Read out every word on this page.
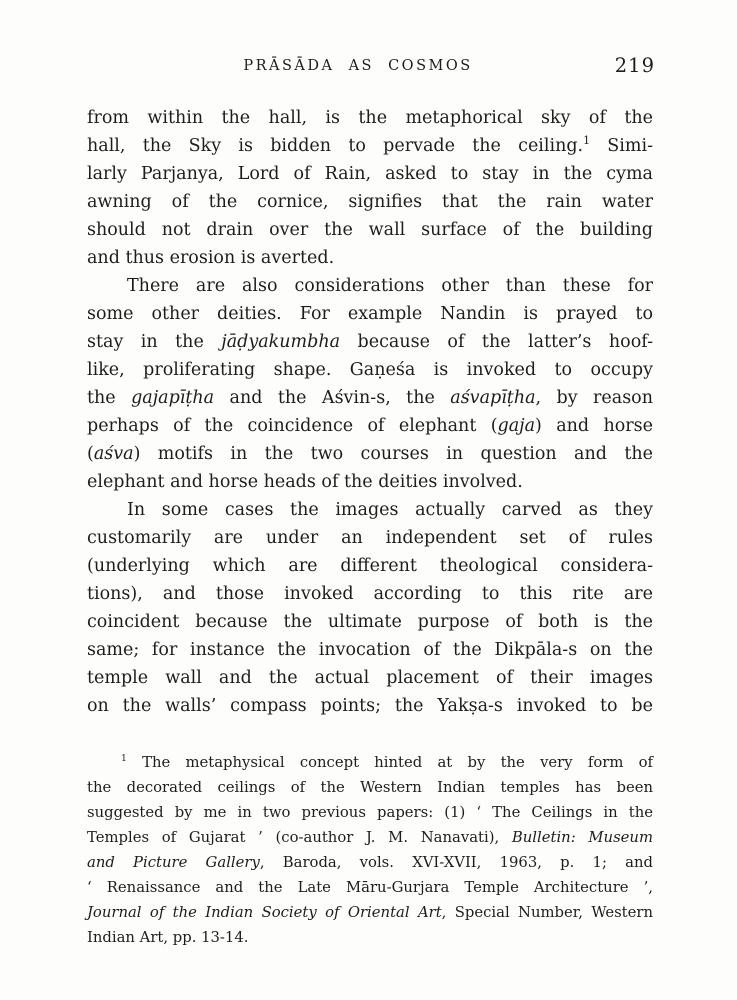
PRĀSĀDA AS COSMOS	219
from within the hall, is the metaphorical sky of the
hall, the Sky is bidden to pervade the ceiling.$^1$ Simi-
larly Parjanya, Lord of Rain, asked to stay in the cyma
awning of the cornice, signifies that the rain water
should not drain over the wall surface of the building
and thus erosion is averted.
There are also considerations other than these for
some other deities. For example Nandin is prayed to
stay in the jāḍyakumbha because of the latter’s hoof-
like, proliferating shape. Gaṇeśa is invoked to occupy
the gajapīṭha and the Aśvin-s, the aśvapīṭha, by reason
perhaps of the coincidence of elephant (gaja) and horse
(aśva) motifs in the two courses in question and the
elephant and horse heads of the deities involved.
In some cases the images actually carved as they
customarily are under an independent set of rules
(underlying which are different theological considera-
tions), and those invoked according to this rite are
coincident because the ultimate purpose of both is the
same; for instance the invocation of the Dikpāla-s on the
temple wall and the actual placement of their images
on the walls’ compass points; the Yakṣa-s invoked to be
$^1$ The metaphysical concept hinted at by the very form of
the decorated ceilings of the Western Indian temples has been
suggested by me in two previous papers: (1) ‘ The Ceilings in the
Temples of Gujarat ’ (co-author J. M. Nanavati), Bulletin: Museum
and Picture Gallery, Baroda, vols. XVI-XVII, 1963, p. 1; and
‘ Renaissance and the Late Māru-Gurjara Temple Architecture ’,
Journal of the Indian Society of Oriental Art, Special Number, Western
Indian Art, pp. 13-14.
